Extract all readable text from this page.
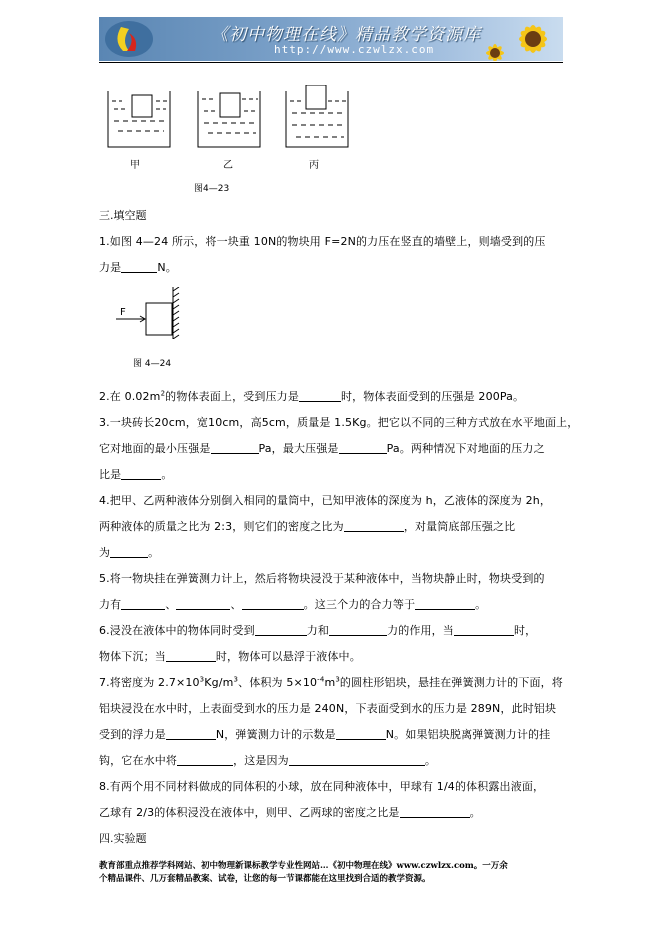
《初中物理在线》精品教学资源库
http://www.czwlzx.com
甲	乙	丙
图4—23
三.填空题
1.如图 4—24 所示，将一块重 10N的物块用 F=2N的力压在竖直的墙壁上，则墙受到的压
力是	N。
F
图 4—24
2.在 $0.02m^2$的物体表面上，受到压力是	时，物体表面受到的压强是 200Pa。
3.一块砖长20cm，宽10cm，高5cm，质量是 1.5Kg。把它以不同的三种方式放在水平地面上，
它对地面的最小压强是	Pa，最大压强是	Pa。两种情况下对地面的压力之
比是	。
4.把甲、乙两种液体分别倒入相同的量筒中，已知甲液体的深度为 h，乙液体的深度为 2h，
两种液体的质量之比为 2:3，则它们的密度之比为	，对量筒底部压强之比
为	。
5.将一物块挂在弹簧测力计上，然后将物块浸没于某种液体中，当物块静止时，物块受到的
力有	、	、	。这三个力的合力等于	。
6.浸没在液体中的物体同时受到	力和	力的作用，当	时，
物体下沉；当	时，物体可以悬浮于液体中。
7.将密度为 $2.7\times 10^3Kg/m^3$、体积为 $5\times 10^{-4}m^3$的圆柱形铝块，悬挂在弹簧测力计的下面，将
铝块浸没在水中时，上表面受到水的压力是 240N，下表面受到水的压力是 289N，此时铝块
受到的浮力是	N，弹簧测力计的示数是	N。如果铝块脱离弹簧测力计的挂
钩，它在水中将	，这是因为	。
8.有两个用不同材料做成的同体积的小球，放在同种液体中，甲球有 1/4的体积露出液面，
乙球有 2/3的体积浸没在液体中，则甲、乙两球的密度之比是	。
四.实验题
教育部重点推荐学科网站、初中物理新课标教学专业性网站…《初中物理在线》www.czwlzx.com。一万余
个精品课件、几万套精品教案、试卷，让您的每一节课都能在这里找到合适的教学资源。
